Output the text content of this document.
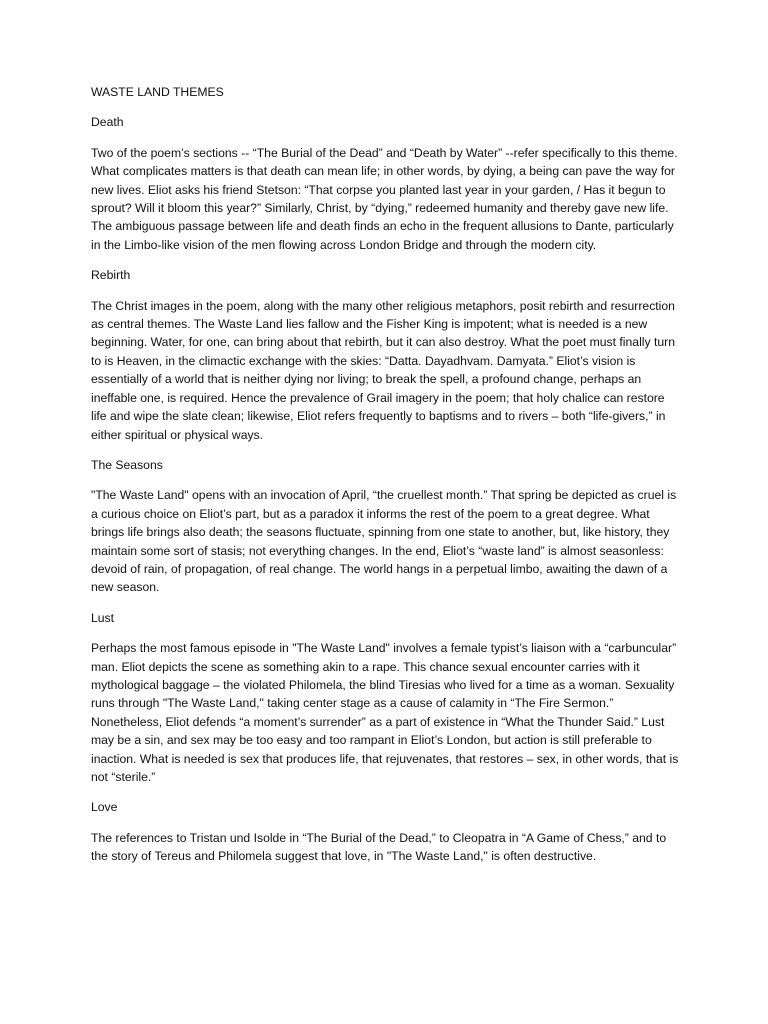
WASTE LAND THEMES

Death

Two of the poem’s sections -- “The Burial of the Dead” and “Death by Water” --refer specifically to this theme. What complicates matters is that death can mean life; in other words, by dying, a being can pave the way for new lives. Eliot asks his friend Stetson: “That corpse you planted last year in your garden, / Has it begun to sprout? Will it bloom this year?” Similarly, Christ, by “dying,” redeemed humanity and thereby gave new life. The ambiguous passage between life and death finds an echo in the frequent allusions to Dante, particularly in the Limbo-like vision of the men flowing across London Bridge and through the modern city.

Rebirth

The Christ images in the poem, along with the many other religious metaphors, posit rebirth and resurrection as central themes. The Waste Land lies fallow and the Fisher King is impotent; what is needed is a new beginning. Water, for one, can bring about that rebirth, but it can also destroy. What the poet must finally turn to is Heaven, in the climactic exchange with the skies: “Datta. Dayadhvam. Damyata.” Eliot’s vision is essentially of a world that is neither dying nor living; to break the spell, a profound change, perhaps an ineffable one, is required. Hence the prevalence of Grail imagery in the poem; that holy chalice can restore life and wipe the slate clean; likewise, Eliot refers frequently to baptisms and to rivers – both “life-givers,” in either spiritual or physical ways.

The Seasons

"The Waste Land" opens with an invocation of April, “the cruellest month.” That spring be depicted as cruel is a curious choice on Eliot’s part, but as a paradox it informs the rest of the poem to a great degree. What brings life brings also death; the seasons fluctuate, spinning from one state to another, but, like history, they maintain some sort of stasis; not everything changes. In the end, Eliot’s “waste land” is almost seasonless: devoid of rain, of propagation, of real change. The world hangs in a perpetual limbo, awaiting the dawn of a new season.

Lust

Perhaps the most famous episode in "The Waste Land" involves a female typist’s liaison with a “carbuncular” man. Eliot depicts the scene as something akin to a rape. This chance sexual encounter carries with it mythological baggage – the violated Philomela, the blind Tiresias who lived for a time as a woman. Sexuality runs through "The Waste Land," taking center stage as a cause of calamity in “The Fire Sermon.” Nonetheless, Eliot defends “a moment’s surrender” as a part of existence in “What the Thunder Said.” Lust may be a sin, and sex may be too easy and too rampant in Eliot’s London, but action is still preferable to inaction. What is needed is sex that produces life, that rejuvenates, that restores – sex, in other words, that is not “sterile.”

Love

The references to Tristan und Isolde in “The Burial of the Dead,” to Cleopatra in “A Game of Chess,” and to the story of Tereus and Philomela suggest that love, in "The Waste Land," is often destructive.
